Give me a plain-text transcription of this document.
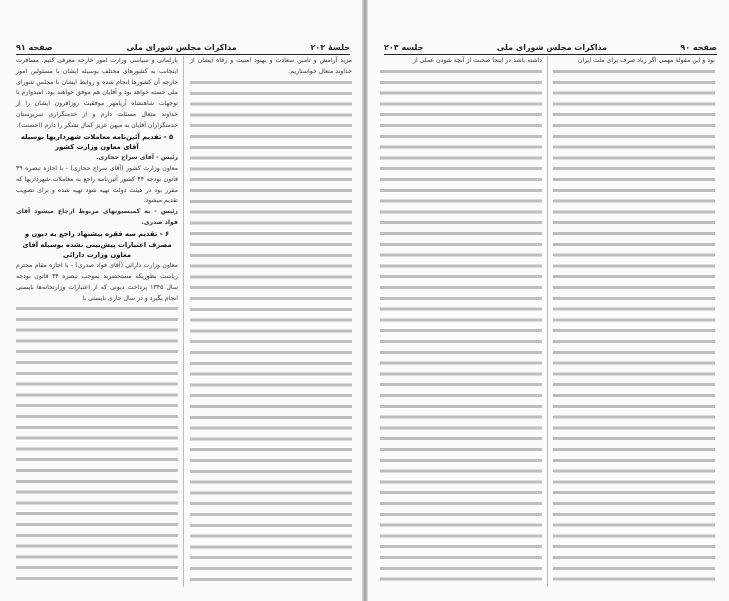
جلسهٔ ۲۰۳
مذاکرات مجلس شورای ملی
صفحه ۹۱

مزید آرامش و تامین سعادت و بهبود امنیت و رفاه ایشان از خداوند متعال خواستاریم.

پارلمانی و سیاسی وزارت امور خارجه معرفی کنیم. مسافرت اینجانب به کشورهای مختلف بوسیله ایشان با مسئولین امور خارجه آن کشورها انجام شده و روابط ایشان با مجلس شورای ملی حسنه خواهد بود و آقایان هم موفق خواهند بود. امیدوارم با توجهات شاهنشاه آریامهر موفقیت روزافزون ایشان را از خداوند متعال مسئلت دارم و از خدمتگزاری سرپرستان خدمتگزاران آقایان به میهن عزیز کمال تشکر را دارم (احسنت).

۵ - تقدیم آئین‌نامه معاملات شهرداریها بوسیله آقای معاون وزارت کشور

رئیس - آقای سراج حجازی.

معاون وزارت کشور (آقای سراج حجازی) - با اجازه تبصره ۳۹ قانون بودجه ۴۴ کشور آئین‌نامه راجع به معاملات شهرداریها که مقرر بود در هیئت دولت تهیه شود تهیه شده و برای تصویب تقدیم میشود.

رئیس - به کمیسیونهای مربوط ارجاع میشود آقای فواد صدری.

۶ - تقدیم سه فقره پیشنهاد راجع به دیون و مصرف اعتبارات پیش‌بینی نشده بوسیله آقای معاون وزارت دارائی

معاون وزارت دارائی (آقای فواد صدری) - با اجازه مقام محترم ریاست بطوریکه مستحضرید بموجب تبصره ۳۴ قانون بودجه سال ۱۳۴۵ پرداخت دیونی که از اعتبارات وزارتخانه‌ها بایستی انجام بگیرد و در سال جاری بایستی با

صفحه ۹۰
مذاکرات مجلس شورای ملی
جلسه ۲۰۳

بود و این مقولهٔ مهمی اگر زیاد صرف برای ملت ایران

داشته باشد در اینجا صحبت از آنچه شودن عملی از
